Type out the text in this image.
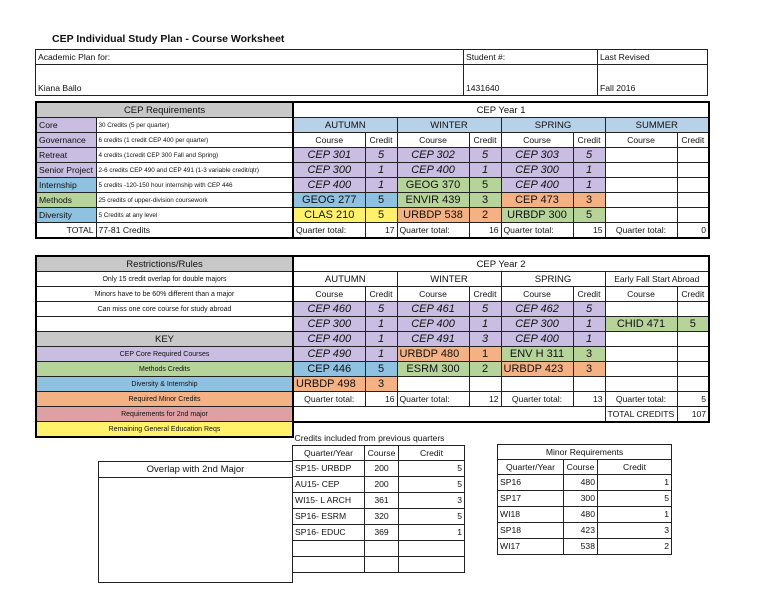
CEP Individual Study Plan - Course Worksheet
Academic Plan for:	Student #:	Last Revised
Kiana Ballo	1431640	Fall 2016
CEP Requirements	
Core	30 Credits (5 per quarter)
Governance	6 credits (1 credit CEP 400 per quarter)
Retreat	4 credits (1credit CEP 300 Fall and Spring)
Senior Project	2-6 credits CEP 490 and CEP 491 (1-3 variable credit/qtr)
Internship	5 credits -120-150 hour internship with CEP 446
Methods	25 credits of upper-division coursework
Diversity	5 Credits at any level
TOTAL	77-81 Credits
CEP Year 1							
AUTUMN		WINTER		SPRING		SUMMER	
Course	Credit	Course	Credit	Course	Credit	Course	Credit
CEP 301	5	CEP 302	5	CEP 303	5		
CEP 300	1	CEP 400	1	CEP 300	1		
CEP 400	1	GEOG 370	5	CEP 400	1		
GEOG 277	5	ENVIR 439	3	CEP 473	3		
CLAS 210	5	URBDP 538	2	URBDP 300	5		
Quarter total:	17	Quarter total:	16	Quarter total:	15	Quarter total:	0
Restrictions/Rules
Only 15 credit overlap for double majors
Minors have to be 60% different than a major
Can miss one core course for study abroad

KEY
CEP Core Required Courses
Methods Credits
Diversity & Internship
Required Minor Credits
Requirements for 2nd major
Remaining General Education Reqs
CEP Year 2							
AUTUMN		WINTER		SPRING		Early Fall Start Abroad	
Course	Credit	Course	Credit	Course	Credit	Course	Credit
CEP 460	5	CEP 461	5	CEP 462	5		
CEP 300	1	CEP 400	1	CEP 300	1	CHID 471	5
CEP 400	1	CEP 491	3	CEP 400	1		
CEP 490	1	URBDP 480	1	ENV H 311	3		
CEP 446	5	ESRM 300	2	URBDP 423	3		
URBDP 498	3						
Quarter total:	16	Quarter total:	12	Quarter total:	13	Quarter total:	5
						TOTAL CREDITS	107
Overlap with 2nd Major

Credits included from previous quarters		
Quarter/Year	Course	Credit
SP15- URBDP	200	5
AU15- CEP	200	5
WI15- L ARCH	361	3
SP16- ESRM	320	5
SP16- EDUC	369	1

Minor Requirements		
Quarter/Year	Course	Credit
SP16	480	1
SP17	300	5
WI18	480	1
SP18	423	3
WI17	538	2
